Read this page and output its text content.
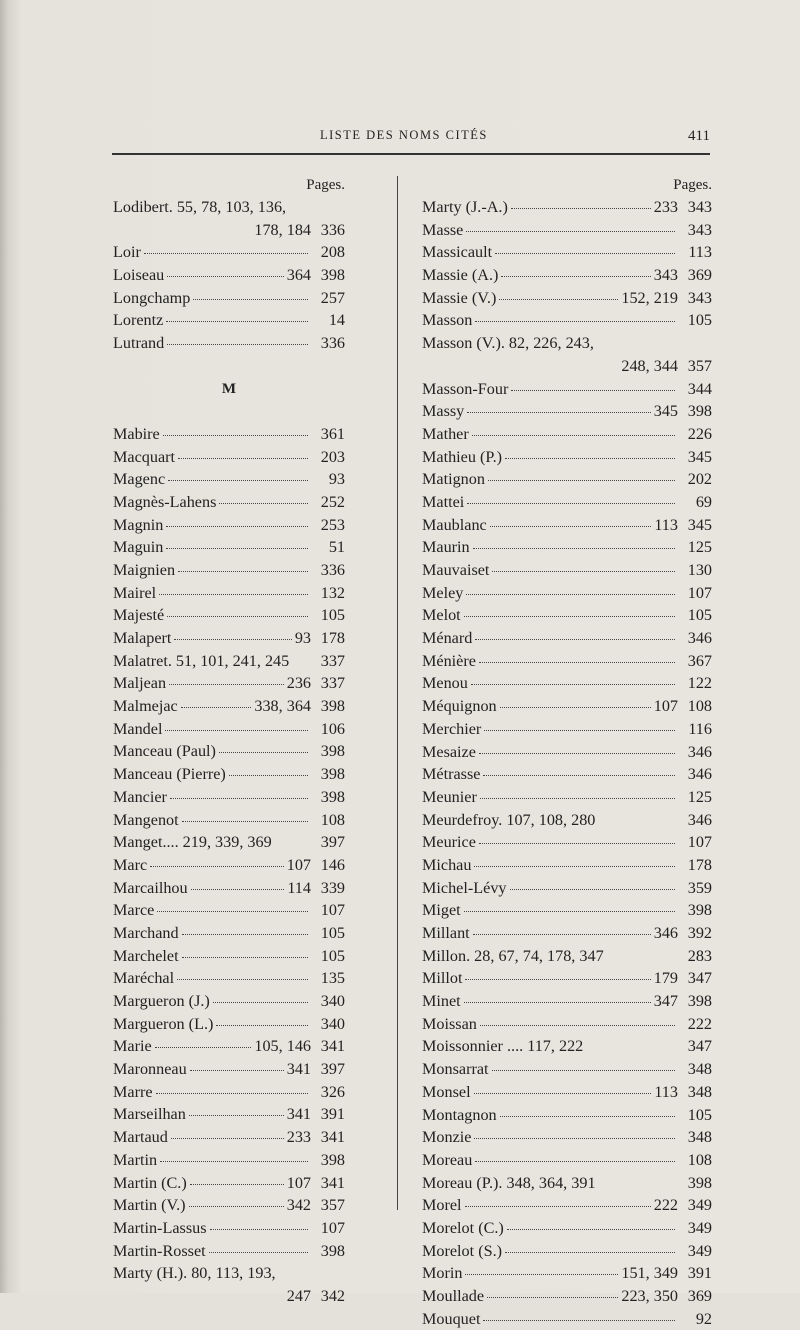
LISTE DES NOMS CITÉS	411
Pages.
Lodibert. 55, 78, 103, 136,
178, 184 336
Loir	208
Loiseau	364 398
Longchamp	257
Lorentz	14
Lutrand	336
M
Mabire	361
Macquart	203
Magenc	93
Magnès-Lahens	252
Magnin	253
Maguin	51
Maignien	336
Mairel	132
Majesté	105
Malapert	93 178
Malatret. 51, 101, 241, 245	337
Maljean	236 337
Malmejac	338, 364 398
Mandel	106
Manceau (Paul)	398
Manceau (Pierre)	398
Mancier	398
Mangenot	108
Manget.... 219, 339, 369	397
Marc	107 146
Marcailhou	114 339
Marce	107
Marchand	105
Marchelet	105
Maréchal	135
Margueron (J.)	340
Margueron (L.)	340
Marie	105, 146 341
Maronneau	341 397
Marre	326
Marseilhan	341 391
Martaud	233 341
Martin	398
Martin (C.)	107 341
Martin (V.)	342 357
Martin-Lassus	107
Martin-Rosset	398
Marty (H.). 80, 113, 193,
247 342
Pages.
Marty (J.-A.)	233 343
Masse	343
Massicault	113
Massie (A.)	343 369
Massie (V.)	152, 219 343
Masson	105
Masson (V.). 82, 226, 243,
248, 344 357
Masson-Four	344
Massy	345 398
Mather	226
Mathieu (P.)	345
Matignon	202
Mattei	69
Maublanc	113 345
Maurin	125
Mauvaiset	130
Meley	107
Melot	105
Ménard	346
Ménière	367
Menou	122
Méquignon	107 108
Merchier	116
Mesaize	346
Métrasse	346
Meunier	125
Meurdefroy. 107, 108, 280	346
Meurice	107
Michau	178
Michel-Lévy	359
Miget	398
Millant	346 392
Millon. 28, 67, 74, 178, 347	283
Millot	179 347
Minet	347 398
Moissan	222
Moissonnier .... 117, 222	347
Monsarrat	348
Monsel	113 348
Montagnon	105
Monzie	348
Moreau	108
Moreau (P.). 348, 364, 391	398
Morel	222 349
Morelot (C.)	349
Morelot (S.)	349
Morin	151, 349 391
Moullade	223, 350 369
Mouquet	92
